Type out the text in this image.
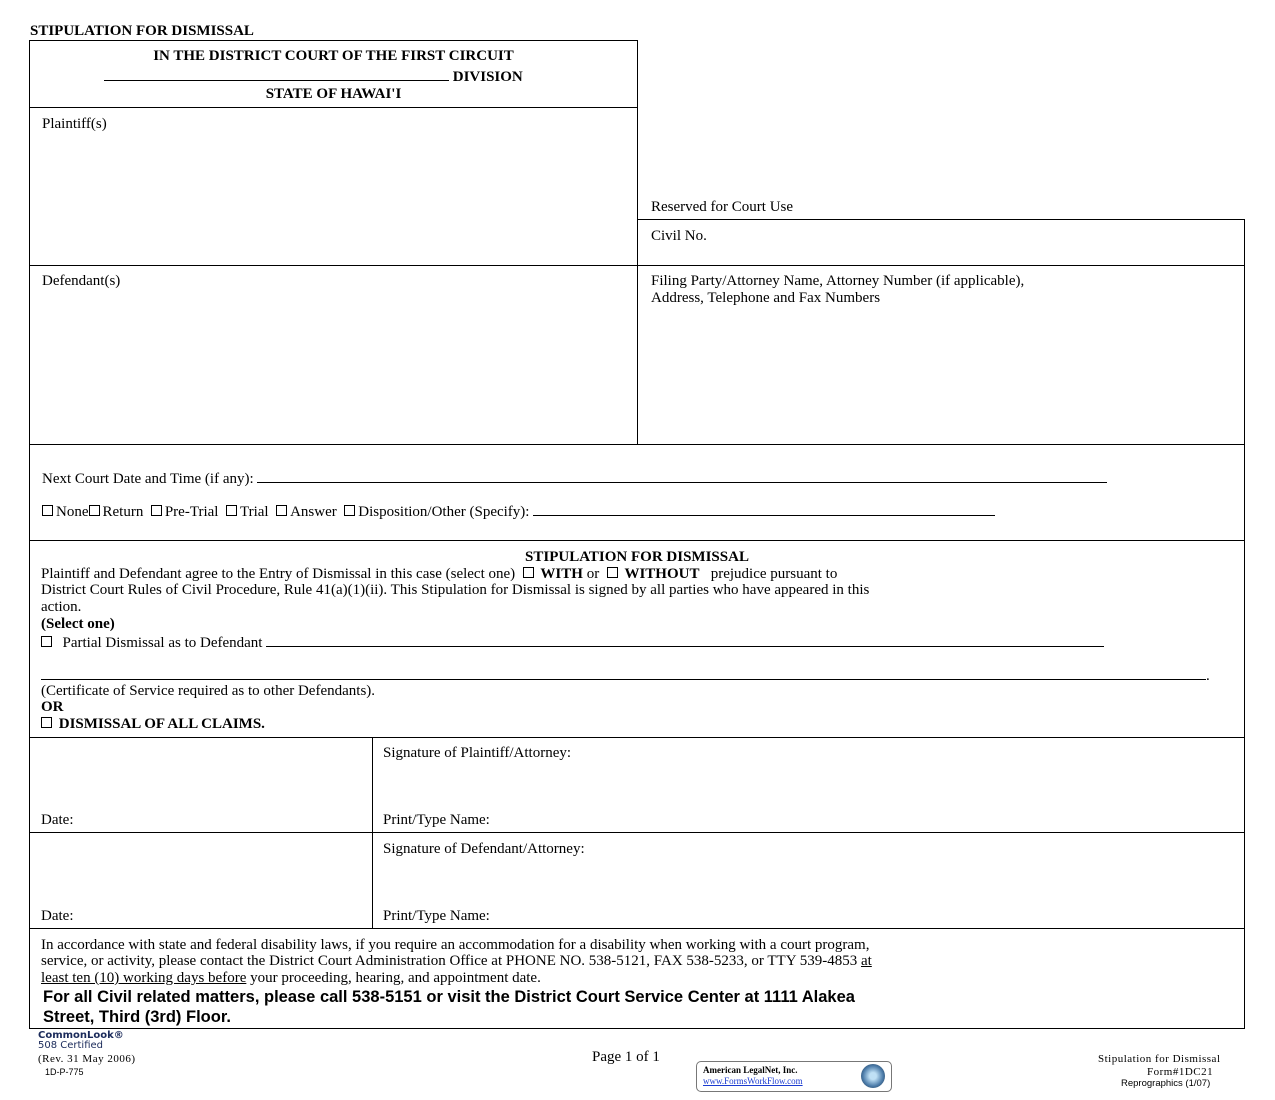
STIPULATION FOR DISMISSAL
IN THE DISTRICT COURT OF THE FIRST CIRCUIT
DIVISION
STATE OF HAWAI'I
Plaintiff(s)
Defendant(s)
Reserved for Court Use
Civil No.
Filing Party/Attorney Name, Attorney Number (if applicable),
Address, Telephone and Fax Numbers
Next Court Date and Time (if any):
None Return Pre-Trial Trial Answer Disposition/Other (Specify):
STIPULATION FOR DISMISSAL
Plaintiff and Defendant agree to the Entry of Dismissal in this case (select one) WITH or WITHOUT prejudice pursuant to
District Court Rules of Civil Procedure, Rule 41(a)(1)(ii). This Stipulation for Dismissal is signed by all parties who have appeared in this
action.
(Select one)
Partial Dismissal as to Defendant
.
(Certificate of Service required as to other Defendants).
OR
DISMISSAL OF ALL CLAIMS.
Signature of Plaintiff/Attorney:
Date:	Print/Type Name:
Signature of Defendant/Attorney:
Date:	Print/Type Name:
In accordance with state and federal disability laws, if you require an accommodation for a disability when working with a court program,
service, or activity, please contact the District Court Administration Office at PHONE NO. 538-5121, FAX 538-5233, or TTY 539-4853 at
least ten (10) working days before your proceeding, hearing, and appointment date.
For all Civil related matters, please call 538-5151 or visit the District Court Service Center at 1111 Alakea
Street, Third (3rd) Floor.
CommonLook®
508 Certified
(Rev. 31 May 2006)
1D-P-775
Page 1 of 1
American LegalNet, Inc.
www.FormsWorkFlow.com
Stipulation for Dismissal
Form#1DC21
Reprographics (1/07)
